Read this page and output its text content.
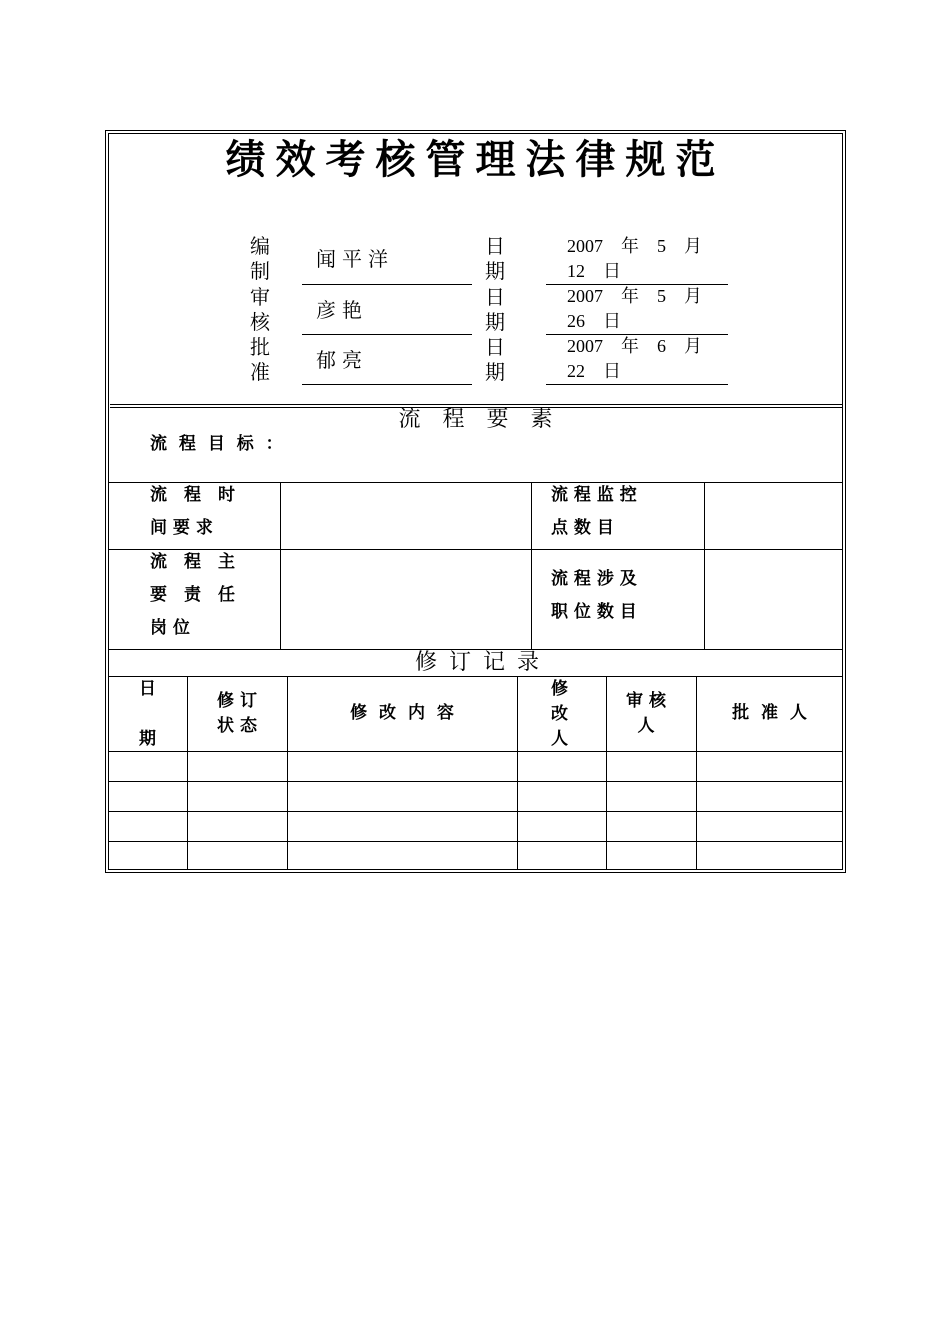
绩效考核管理法律规范
编
制 闻平洋
日
期
2007　年　5　月
12　日
审
核 彦艳
日
期
2007　年　5　月
26　日
批
准 郁亮
日
期
2007　年　6　月
22　日
流程要素
流 程 目 标 ：
流　程　时
间 要 求
流 程 监 控
点 数 目
流　程　主
要　责　任
岗 位
流 程 涉 及
职 位 数 目
修订记录
日
期
修 订
状 态
修 改 内 容
修
改
人
审 核
人
批 准 人
